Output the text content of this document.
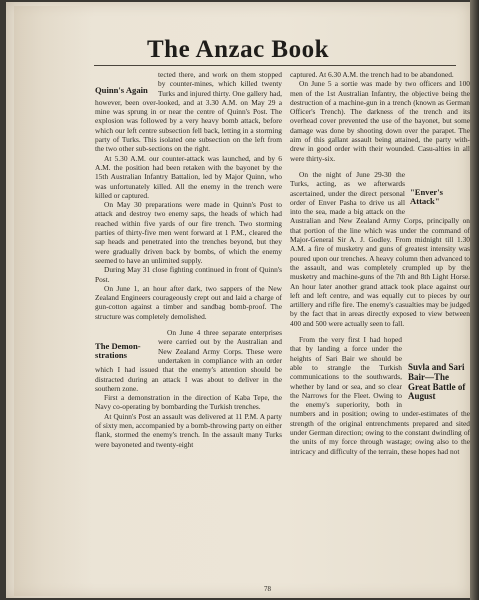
The Anzac Book

Quinn's Again
tected there, and work on them stopped by counter-mines, which killed twenty Turks and injured thirty. One gallery had, however, been over-looked, and at 3.30 A.M. on May 29 a mine was sprung in or near the centre of Quinn's Post. The explosion was followed by a very heavy bomb attack, before which our left centre subsection fell back, letting in a storming party of Turks. This isolated one subsection on the left from the two other sub-sections on the right.

At 5.30 A.M. our counter-attack was launched, and by 6 A.M. the position had been retaken with the bayonet by the 15th Australian Infantry Battalion, led by Major Quinn, who was unfortunately killed. All the enemy in the trench were killed or captured.

On May 30 preparations were made in Quinn's Post to attack and destroy two enemy saps, the heads of which had reached within five yards of our fire trench. Two storming parties of thirty-five men went forward at 1 P.M., cleared the sap heads and penetrated into the trenches beyond, but they were gradually driven back by bombs, of which the enemy seemed to have an unlimited supply.

During May 31 close fighting continued in front of Quinn's Post.

On June 1, an hour after dark, two sappers of the New Zealand Engineers courageously crept out and laid a charge of gun-cotton against a timber and sandbag bomb-proof. The structure was completely demolished.

The Demon-strations
On June 4 three separate enterprises were carried out by the Australian and New Zealand Army Corps. These were undertaken in compliance with an order which I had issued that the enemy's attention should be distracted during an attack I was about to deliver in the southern zone.

First a demonstration in the direction of Kaba Tepe, the Navy co-operating by bombarding the Turkish trenches.

At Quinn's Post an assault was delivered at 11 P.M. A party of sixty men, accompanied by a bomb-throwing party on either flank, stormed the enemy's trench. In the assault many Turks were bayoneted and twenty-eight

captured. At 6.30 A.M. the trench had to be abandoned.

On June 5 a sortie was made by two officers and 100 men of the 1st Australian Infantry, the objective being the destruction of a machine-gun in a trench (known as German Officer's Trench). The darkness of the trench and its overhead cover prevented the use of the bayonet, but some damage was done by shooting down over the parapet. The aim of this gallant assault being attained, the party with-drew in good order with their wounded. Casu-alties in all were thirty-six.

"Enver's Attack"
On the night of June 29-30 the Turks, acting, as we afterwards ascertained, under the direct personal order of Enver Pasha to drive us all into the sea, made a big attack on the Australian and New Zealand Army Corps, principally on that portion of the line which was under the command of Major-General Sir A. J. Godley. From midnight till 1.30 A.M. a fire of musketry and guns of greatest intensity was poured upon our trenches. A heavy column then advanced to the assault, and was completely crumpled up by the musketry and machine-guns of the 7th and 8th Light Horse. An hour later another grand attack took place against our left and left centre, and was equally cut to pieces by our artillery and rifle fire. The enemy's casualties may be judged by the fact that in areas directly exposed to view between 400 and 500 were actually seen to fall.

Suvla and Sari Bair—The Great Battle of August
From the very first I had hoped that by landing a force under the heights of Sari Bair we should be able to strangle the Turkish communications to the southwards, whether by land or sea, and so clear the Narrows for the Fleet. Owing to the enemy's superiority, both in numbers and in position; owing to under-estimates of the strength of the original entrenchments prepared and sited under German direction; owing to the constant dwindling of the units of my force through wastage; owing also to the intricacy and difficulty of the terrain, these hopes had not

78
